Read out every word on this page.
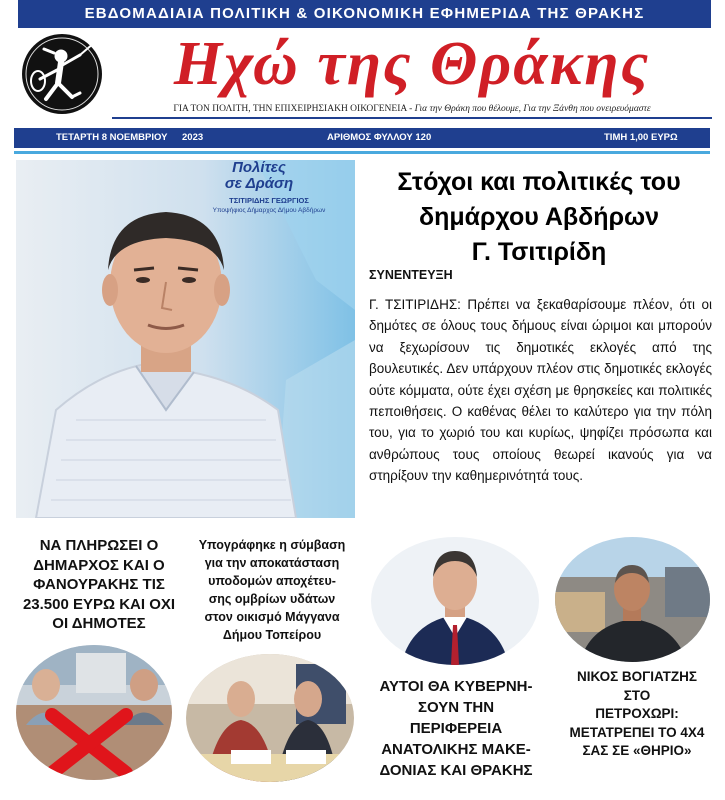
ΕΒΔΟΜΑΔΙΑΙΑ ΠΟΛΙΤΙΚΗ & ΟΙΚΟΝΟΜΙΚΗ ΕΦΗΜΕΡΙΔΑ ΤΗΣ ΘΡΑΚΗΣ
Ηχώ της Θράκης
ΓΙΑ ΤΟΝ ΠΟΛΙΤΗ, ΤΗΝ ΕΠΙΧΕΙΡΗΣΙΑΚΗ ΟΙΚΟΓΕΝΕΙΑ - Για την Θράκη που θέλουμε, Για την Ξάνθη που ονειρευόμαστε
ΤΕΤΑΡΤΗ 8 ΝΟΕΜΒΡΙΟΥ 2023	ΑΡΙΘΜΟΣ ΦΥΛΛΟΥ 120	ΤΙΜΗ 1,00 ΕΥΡΩ
Πολίτες
σε Δράση
ΤΣΙΤΙΡΙΔΗΣ ΓΕΩΡΓΙΟΣ
Υποψήφιος Δήμαρχος Δήμου Αβδήρων
Στόχοι και πολιτικές του
δημάρχου Αβδήρων
Γ. Τσιτιρίδη
ΣΥΝΕΝΤΕΥΞΗ
Γ. ΤΣΙΤΙΡΙΔΗΣ: Πρέπει να ξεκαθαρίσουμε πλέον, ότι οι δημότες σε όλους τους δήμους είναι ώριμοι και μπορούν να ξεχωρίσουν τις δημοτικές εκλογές από της βουλευτικές. Δεν υπάρχουν πλέον στις δημοτικές εκλογές ούτε κόμματα, ούτε έχει σχέση με θρησκείες και πολιτικές πεποιθήσεις. Ο καθένας θέλει το καλύτερο για την πόλη του, για το χωριό του και κυρίως, ψηφίζει πρόσωπα και ανθρώπους τους οποίους θεωρεί ικανούς για να στηρίξουν την καθημερινότητά τους.
ΝΑ ΠΛΗΡΩΣΕΙ Ο
ΔΗΜΑΡΧΟΣ ΚΑΙ Ο
ΦΑΝΟΥΡΑΚΗΣ ΤΙΣ
23.500 ΕΥΡΩ ΚΑΙ ΟΧΙ
ΟΙ ΔΗΜΟΤΕΣ
Υπογράφηκε η σύμβαση
για την αποκατάσταση
υποδομών αποχέτευ-
σης ομβρίων υδάτων
στον οικισμό Μάγγανα
Δήμου Τοπείρου
ΑΥΤΟΙ ΘΑ ΚΥΒΕΡΝΗ-
ΣΟΥΝ ΤΗΝ
ΠΕΡΙΦΕΡΕΙΑ
ΑΝΑΤΟΛΙΚΗΣ ΜΑΚΕ-
ΔΟΝΙΑΣ ΚΑΙ ΘΡΑΚΗΣ
ΝΙΚΟΣ ΒΟΓΙΑΤΖΗΣ
ΣΤΟ
ΠΕΤΡΟΧΩΡΙ:
ΜΕΤΑΤΡΕΠΕΙ ΤΟ 4Χ4
ΣΑΣ ΣΕ «ΘΗΡΙΟ»
